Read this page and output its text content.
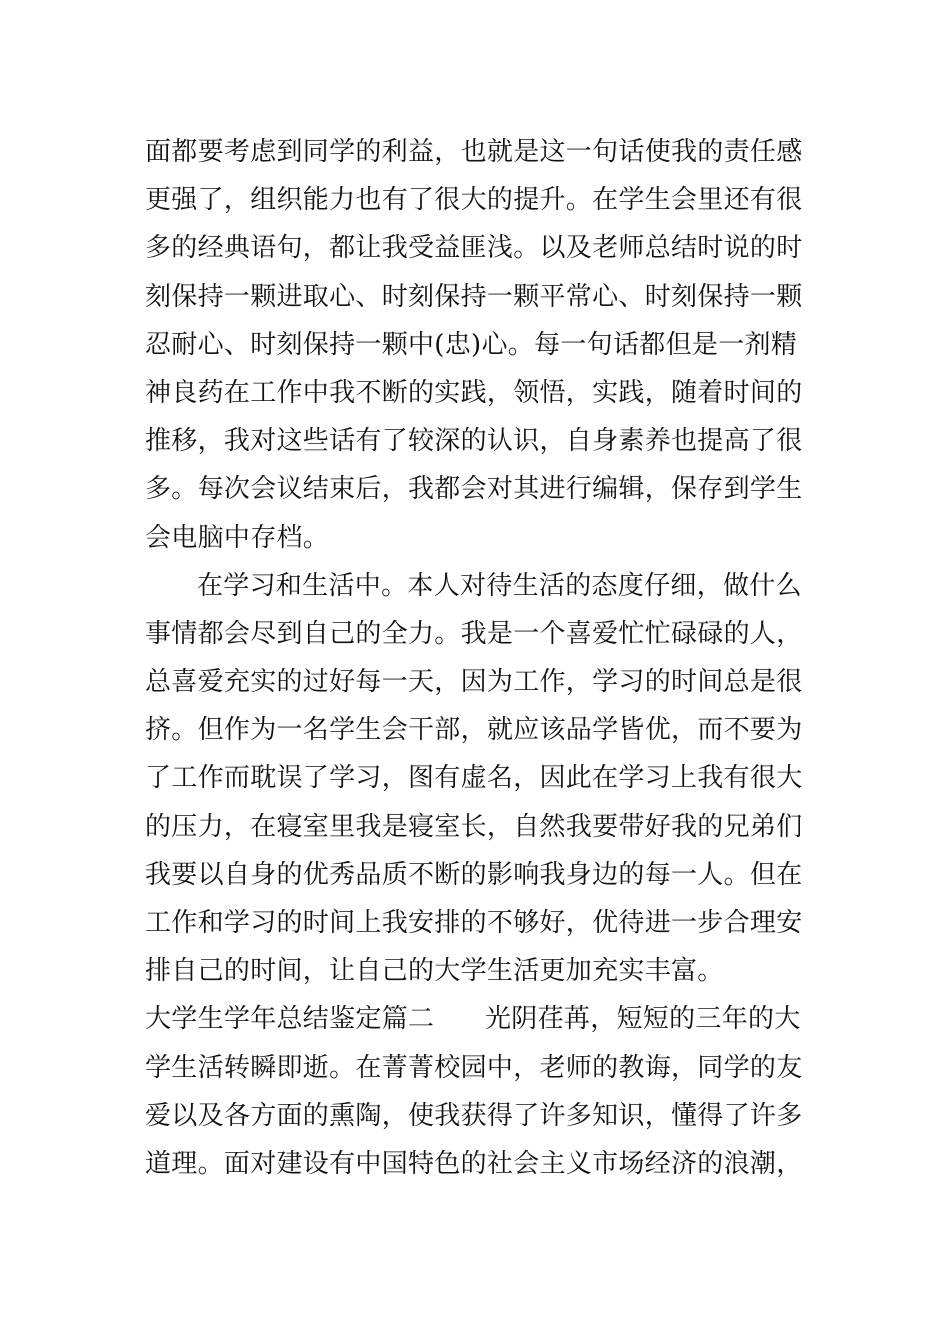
面都要考虑到同学的利益，也就是这一句话使我的责任感
更强了，组织能力也有了很大的提升。在学生会里还有很
多的经典语句，都让我受益匪浅。以及老师总结时说的时
刻保持一颗进取心、时刻保持一颗平常心、时刻保持一颗
忍耐心、时刻保持一颗中(忠)心。每一句话都但是一剂精
神良药在工作中我不断的实践，领悟，实践，随着时间的
推移，我对这些话有了较深的认识，自身素养也提高了很
多。每次会议结束后，我都会对其进行编辑，保存到学生
会电脑中存档。
在学习和生活中。本人对待生活的态度仔细，做什么
事情都会尽到自己的全力。我是一个喜爱忙忙碌碌的人，
总喜爱充实的过好每一天，因为工作，学习的时间总是很
挤。但作为一名学生会干部，就应该品学皆优，而不要为
了工作而耽误了学习，图有虚名，因此在学习上我有很大
的压力，在寝室里我是寝室长，自然我要带好我的兄弟们
我要以自身的优秀品质不断的影响我身边的每一人。但在
工作和学习的时间上我安排的不够好，优待进一步合理安
排自己的时间，让自己的大学生活更加充实丰富。
大学生学年总结鉴定篇二 光阴荏苒，短短的三年的大
学生活转瞬即逝。在菁菁校园中，老师的教诲，同学的友
爱以及各方面的熏陶，使我获得了许多知识，懂得了许多
道理。面对建设有中国特色的社会主义市场经济的浪潮，
